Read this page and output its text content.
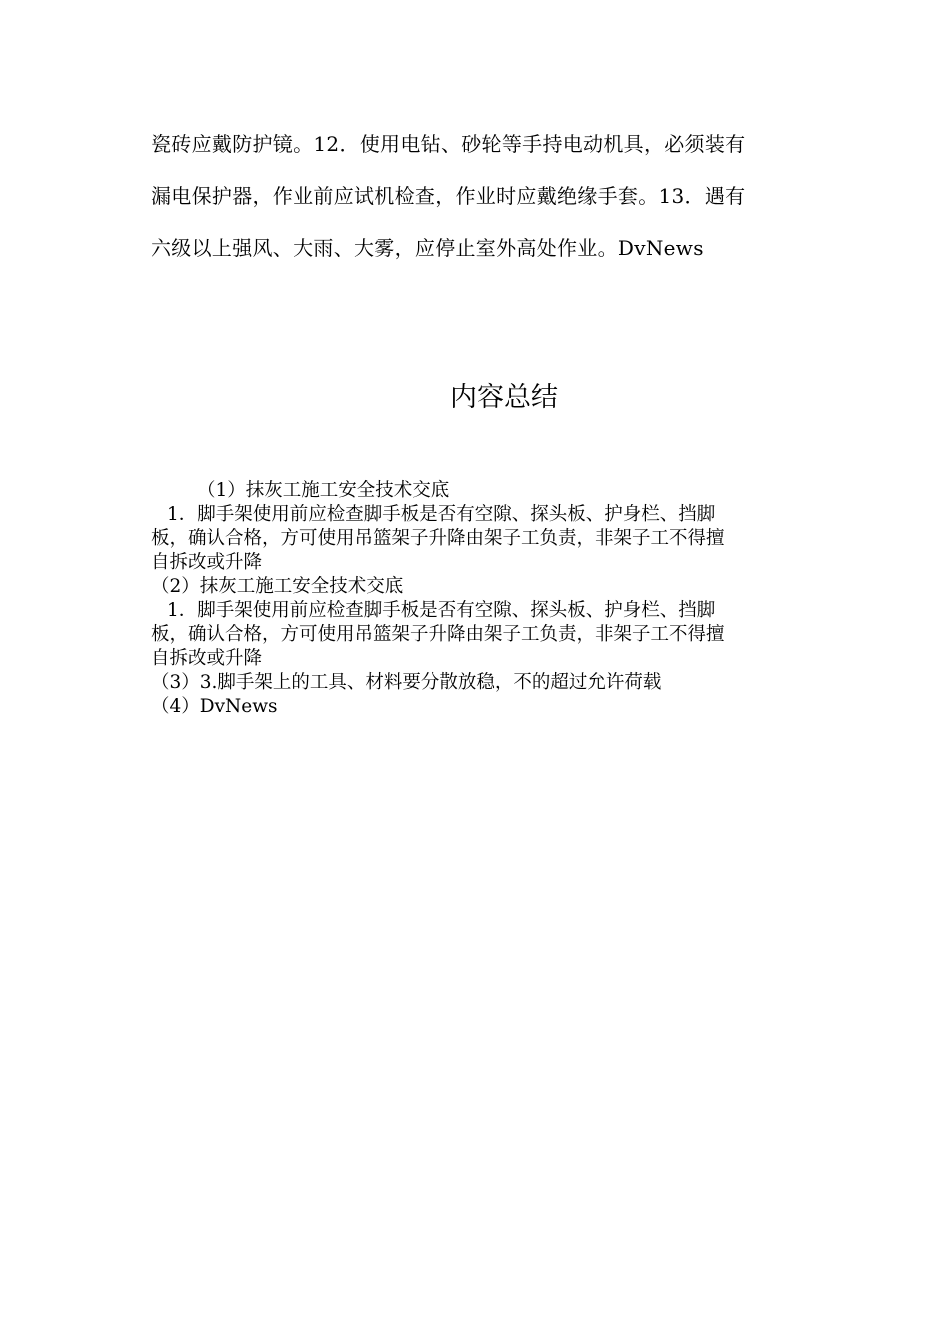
瓷砖应戴防护镜。12．使用电钻、砂轮等手持电动机具，必须装有
漏电保护器，作业前应试机检查，作业时应戴绝缘手套。13．遇有
六级以上强风、大雨、大雾，应停止室外高处作业。DvNews
内容总结
（1）抹灰工施工安全技术交底
1．脚手架使用前应检查脚手板是否有空隙、探头板、护身栏、挡脚
板，确认合格，方可使用吊篮架子升降由架子工负责，非架子工不得擅
自拆改或升降
（2）抹灰工施工安全技术交底
1．脚手架使用前应检查脚手板是否有空隙、探头板、护身栏、挡脚
板，确认合格，方可使用吊篮架子升降由架子工负责，非架子工不得擅
自拆改或升降
（3）3.脚手架上的工具、材料要分散放稳，不的超过允许荷载
（4）DvNews
